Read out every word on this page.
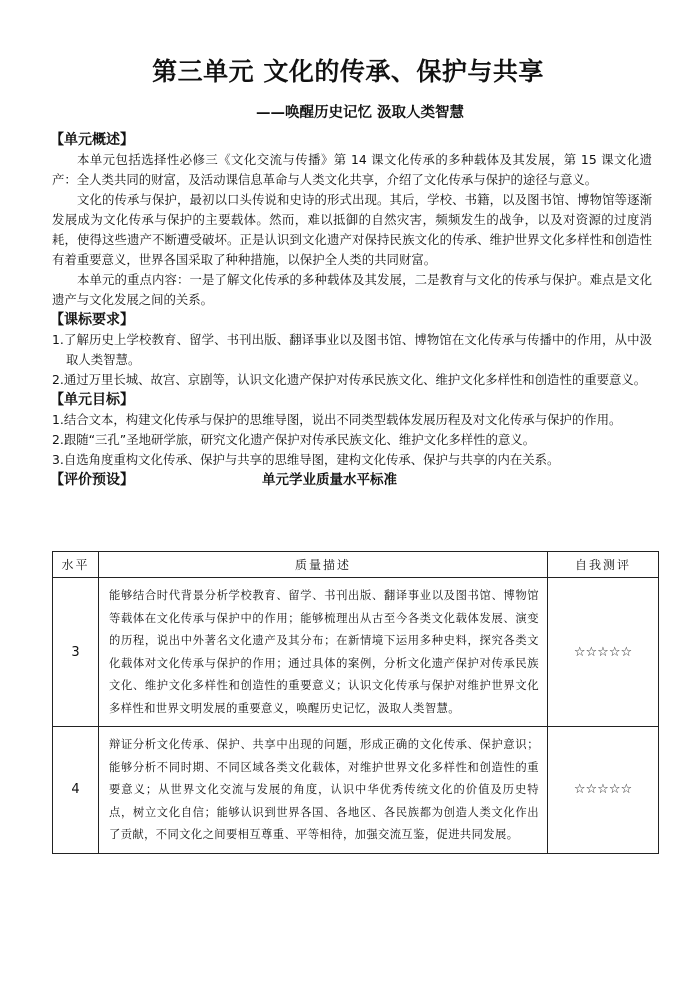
第三单元 文化的传承、保护与共享
——唤醒历史记忆 汲取人类智慧
【单元概述】
本单元包括选择性必修三《文化交流与传播》第 14 课文化传承的多种载体及其发展，第 15 课文化遗产：全人类共同的财富，及活动课信息革命与人类文化共享，介绍了文化传承与保护的途径与意义。
文化的传承与保护，最初以口头传说和史诗的形式出现。其后，学校、书籍，以及图书馆、博物馆等逐渐发展成为文化传承与保护的主要载体。然而，难以抵御的自然灾害，频频发生的战争，以及对资源的过度消耗，使得这些遗产不断遭受破坏。正是认识到文化遗产对保持民族文化的传承、维护世界文化多样性和创造性有着重要意义，世界各国采取了种种措施，以保护全人类的共同财富。
本单元的重点内容：一是了解文化传承的多种载体及其发展，二是教育与文化的传承与保护。难点是文化遗产与文化发展之间的关系。
【课标要求】
1.了解历史上学校教育、留学、书刊出版、翻译事业以及图书馆、博物馆在文化传承与传播中的作用，从中汲取人类智慧。
2.通过万里长城、故宫、京剧等，认识文化遗产保护对传承民族文化、维护文化多样性和创造性的重要意义。
【单元目标】
1.结合文本，构建文化传承与保护的思维导图，说出不同类型载体发展历程及对文化传承与保护的作用。
2.跟随“三孔”圣地研学旅，研究文化遗产保护对传承民族文化、维护文化多样性的意义。
3.自选角度重构文化传承、保护与共享的思维导图，建构文化传承、保护与共享的内在关系。
【评价预设】	单元学业质量水平标准
水平	质量描述	自我测评
3	能够结合时代背景分析学校教育、留学、书刊出版、翻译事业以及图书馆、博物馆等载体在文化传承与保护中的作用；能够梳理出从古至今各类文化载体发展、演变的历程，说出中外著名文化遗产及其分布；在新情境下运用多种史料，探究各类文化载体对文化传承与保护的作用；通过具体的案例，分析文化遗产保护对传承民族文化、维护文化多样性和创造性的重要意义；认识文化传承与保护对维护世界文化多样性和世界文明发展的重要意义，唤醒历史记忆，汲取人类智慧。	☆☆☆☆☆
4	辩证分析文化传承、保护、共享中出现的问题，形成正确的文化传承、保护意识；能够分析不同时期、不同区域各类文化载体，对维护世界文化多样性和创造性的重要意义；从世界文化交流与发展的角度，认识中华优秀传统文化的价值及历史特点，树立文化自信；能够认识到世界各国、各地区、各民族都为创造人类文化作出了贡献，不同文化之间要相互尊重、平等相待，加强交流互鉴，促进共同发展。	☆☆☆☆☆
